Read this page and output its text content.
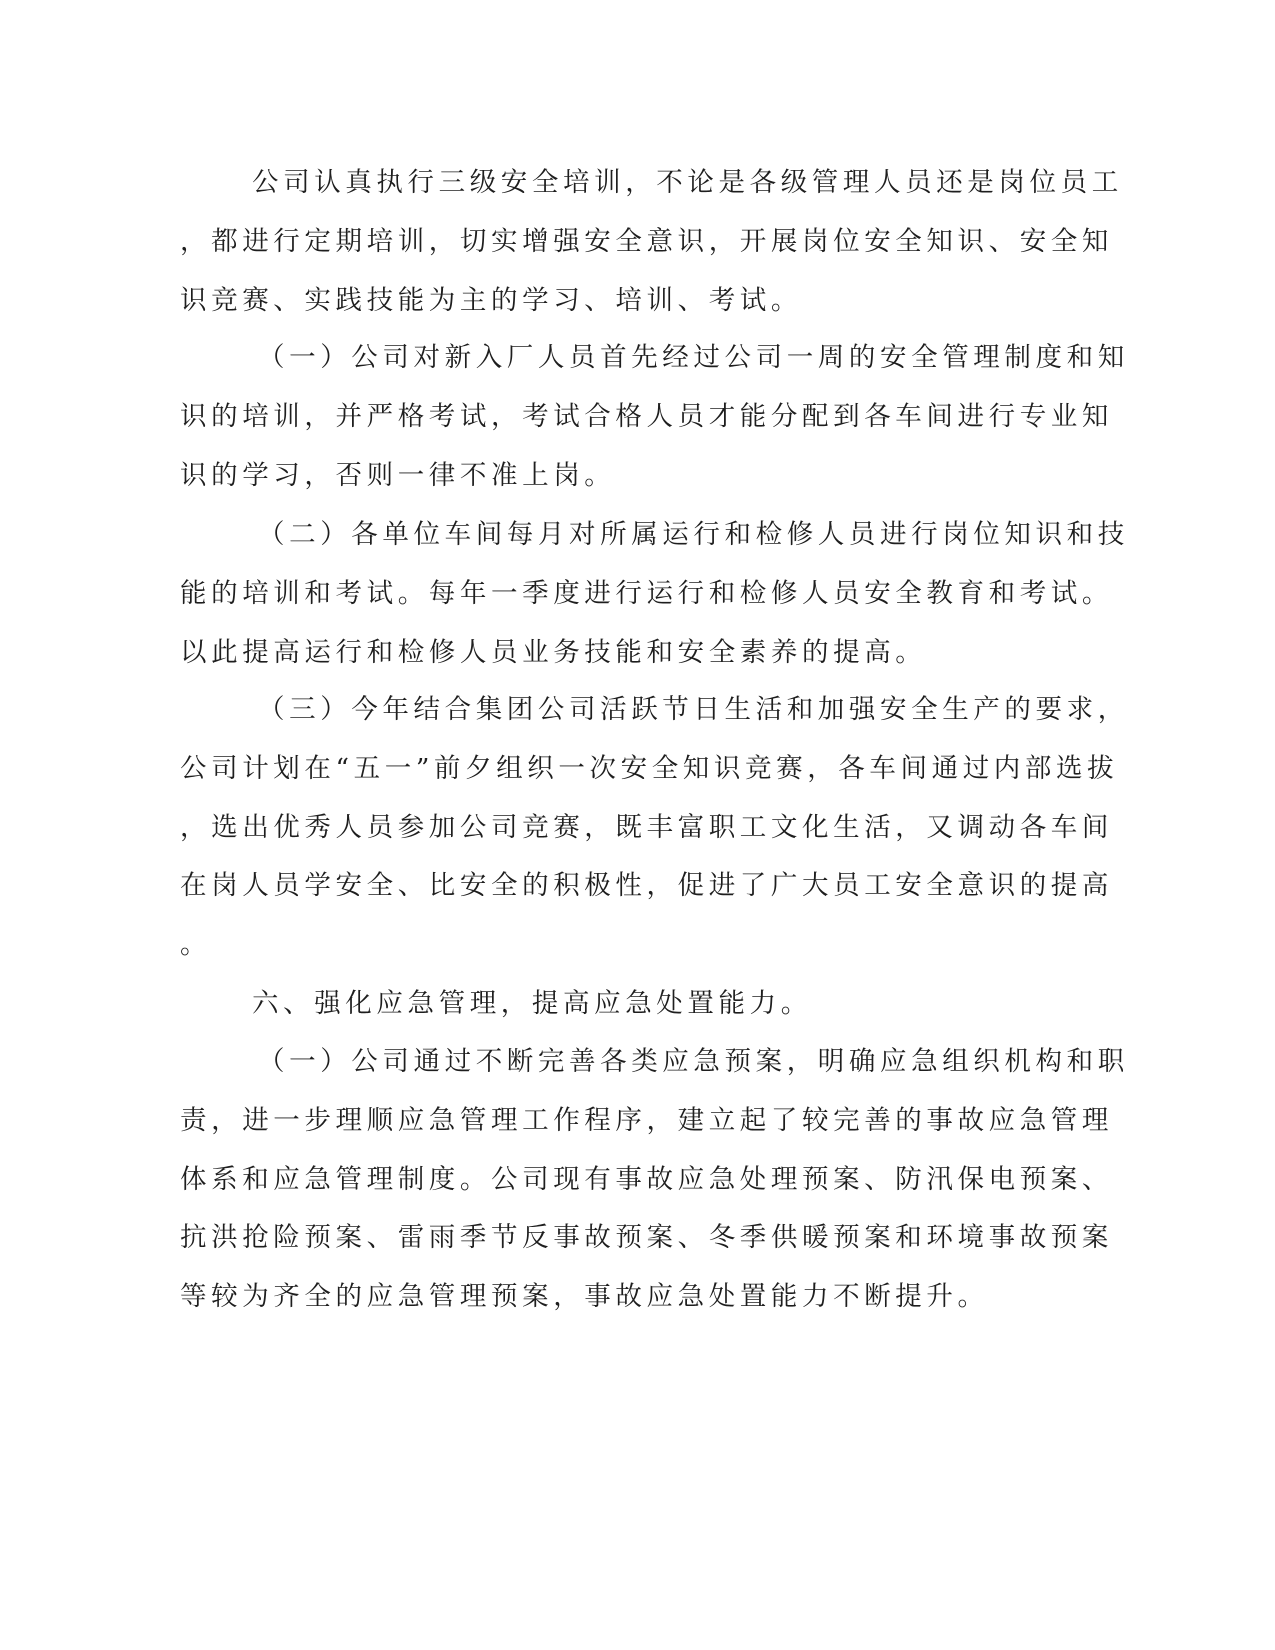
公司认真执行三级安全培训，不论是各级管理人员还是岗位员工
，都进行定期培训，切实增强安全意识，开展岗位安全知识、安全知
识竞赛、实践技能为主的学习、培训、考试。
（一）公司对新入厂人员首先经过公司一周的安全管理制度和知
识的培训，并严格考试，考试合格人员才能分配到各车间进行专业知
识的学习，否则一律不准上岗。
（二）各单位车间每月对所属运行和检修人员进行岗位知识和技
能的培训和考试。每年一季度进行运行和检修人员安全教育和考试。
以此提高运行和检修人员业务技能和安全素养的提高。
（三）今年结合集团公司活跃节日生活和加强安全生产的要求，
公司计划在“五一”前夕组织一次安全知识竞赛，各车间通过内部选拔
，选出优秀人员参加公司竞赛，既丰富职工文化生活，又调动各车间
在岗人员学安全、比安全的积极性，促进了广大员工安全意识的提高
。
六、强化应急管理，提高应急处置能力。
（一）公司通过不断完善各类应急预案，明确应急组织机构和职
责，进一步理顺应急管理工作程序，建立起了较完善的事故应急管理
体系和应急管理制度。公司现有事故应急处理预案、防汛保电预案、
抗洪抢险预案、雷雨季节反事故预案、冬季供暖预案和环境事故预案
等较为齐全的应急管理预案，事故应急处置能力不断提升。
